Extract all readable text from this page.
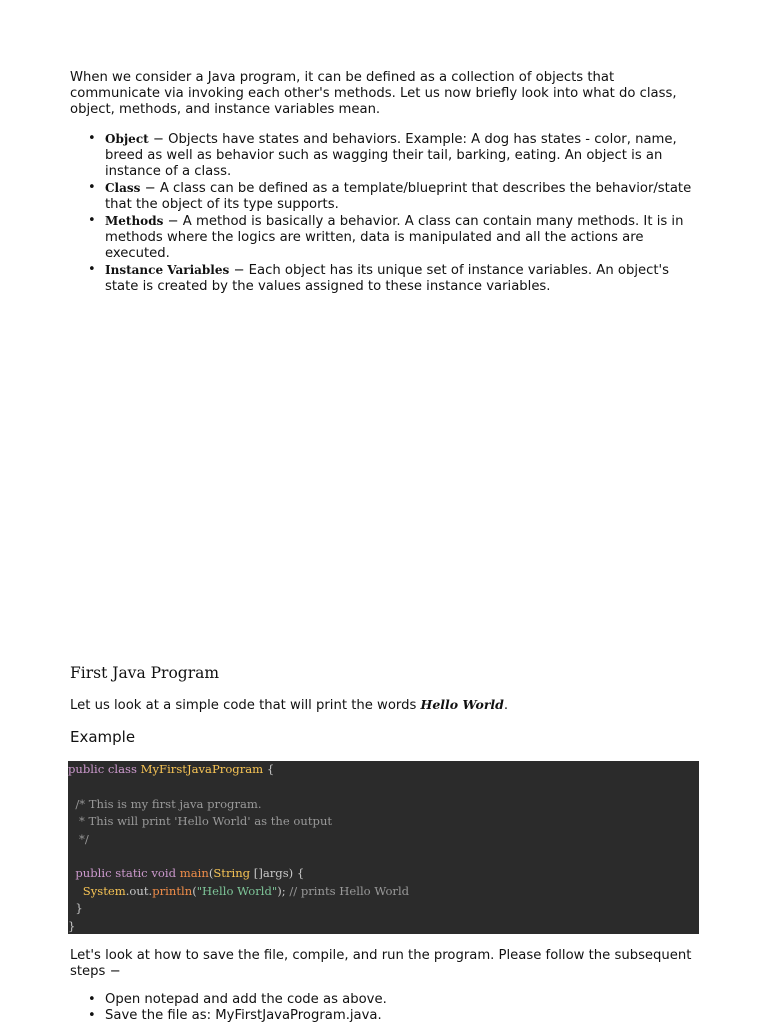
When we consider a Java program, it can be defined as a collection of objects that communicate via invoking each other's methods. Let us now briefly look into what do class, object, methods, and instance variables mean.

• Object − Objects have states and behaviors. Example: A dog has states - color, name, breed as well as behavior such as wagging their tail, barking, eating. An object is an instance of a class.
• Class − A class can be defined as a template/blueprint that describes the behavior/state that the object of its type supports.
• Methods − A method is basically a behavior. A class can contain many methods. It is in methods where the logics are written, data is manipulated and all the actions are executed.
• Instance Variables − Each object has its unique set of instance variables. An object's state is created by the values assigned to these instance variables.
First Java Program

Let us look at a simple code that will print the words Hello World.

Example
public class MyFirstJavaProgram {

/* This is my first java program.
* This will print 'Hello World' as the output
*/

public static void main(String []args) {
System.out.println("Hello World"); // prints Hello World
}
}

Let's look at how to save the file, compile, and run the program. Please follow the subsequent steps −

• Open notepad and add the code as above.
• Save the file as: MyFirstJavaProgram.java.
